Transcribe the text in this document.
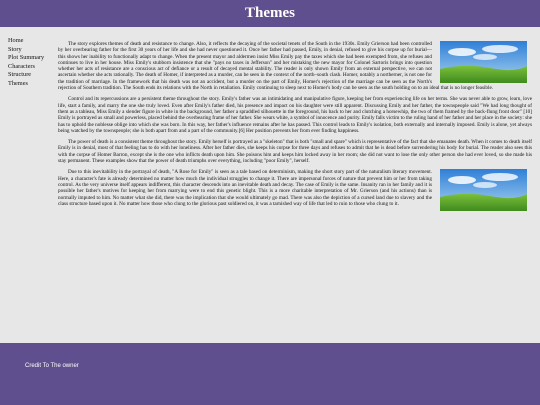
Themes
Home
Story
Plot Summary
Characters
Structure
Themes

The story explores themes of death and resistance to change. Also, it reflects the decaying of the societal tenets of the South in the 1930s. Emily Grierson had been controlled by her overbearing father for the first 30 years of her life and she had never questioned it. Once her father had passed, Emily, in denial, refused to give his corpse up for burial—this shows her inability to functionally adapt to change. When the present mayor and aldermen insist Miss Emily pay the taxes which she had been exempted from, she refuses and continues to live in her house. Miss Emily's stubborn insistence that she "pays no taxes in Jefferson" and her mistaking the new mayor for Colonel Sartoris brings into question whether her acts of resistance are a conscious act of defiance or a result of decayed mental stability. The reader is only shown Emily from an external perspective, we can not ascertain whether she acts rationally. The death of Homer, if interpreted as a murder, can be seen in the context of the north–south clash. Homer, notably a northerner, is not one for the tradition of marriage. In the framework that his death was not an accident, but a murder on the part of Emily, Homer's rejection of the marriage can be seen as the North's rejection of Southern tradition. The South ends its relations with the North in retaliation. Emily continuing to sleep next to Homer's body can be seen as the south holding on to an ideal that is no longer feasible.

Control and its repercussions are a persistent theme throughout the story. Emily's father was an intimidating and manipulative figure, keeping her from experiencing life on her terms. She was never able to grow, learn, love life, start a family, and marry the one she truly loved. Even after Emily's father died, his presence and impact on his daughter were still apparent. Discussing Emily and her father, the townspeople said "We had long thought of them as a tableau, Miss Emily a slender figure in white in the background, her father a spraddled silhouette in the foreground, his back to her and clutching a horsewhip, the two of them framed by the back-flung front door" [10] Emily is portrayed as small and powerless, placed behind the overbearing frame of her father. She wears white, a symbol of innocence and purity. Emily falls victim to the ruling hand of her father and her place in the society: she has to uphold the noblesse oblige into which she was born. In this way, her father's influence remains after he has passed. This control leads to Emily's isolation, both externally and internally imposed. Emily is alone, yet always being watched by the townspeople; she is both apart from and a part of the community.[6] Her position prevents her from ever finding happiness.

The power of death is a consistent theme throughout the story. Emily herself is portrayed as a "skeleton" that is both "small and spare" which is representative of the fact that she emanates death. When it comes to death itself Emily is in denial, most of that feeling has to do with her loneliness. After her father dies, she keeps his corpse for three days and refuses to admit that he is dead before surrendering his body for burial. The reader also sees this with the corpse of Homer Barron, except she is the one who inflicts death upon him. She poisons him and keeps him locked away in her room; she did not want to lose the only other person she had ever loved, so she made his stay permanent. These examples show that the power of death triumphs over everything, including "poor Emily", herself.

Due to this inevitability in the portrayal of death, "A Rose for Emily" is seen as a tale based on determinism, making the short story part of the naturalism literary movement. Here, a character's fate is already determined no matter how much the individual struggles to change it. There are impersonal forces of nature that prevent him or her from taking control. As the very universe itself appears indifferent, this character descends into an inevitable death and decay. The case of Emily is the same. Insanity ran in her family and it is possible her father's motives for keeping her from marrying were to end this genetic blight. This is a more charitable interpretation of Mr. Grierson (and his actions) than is normally imputed to him. No matter what she did, there was the implication that she would ultimately go mad. There was also the depiction of a cursed land due to slavery and the class structure based upon it. No matter how those who clung to the glorious past soldiered on, it was a tarnished way of life that led to ruin to those who clung to it.

Credit To The owner
